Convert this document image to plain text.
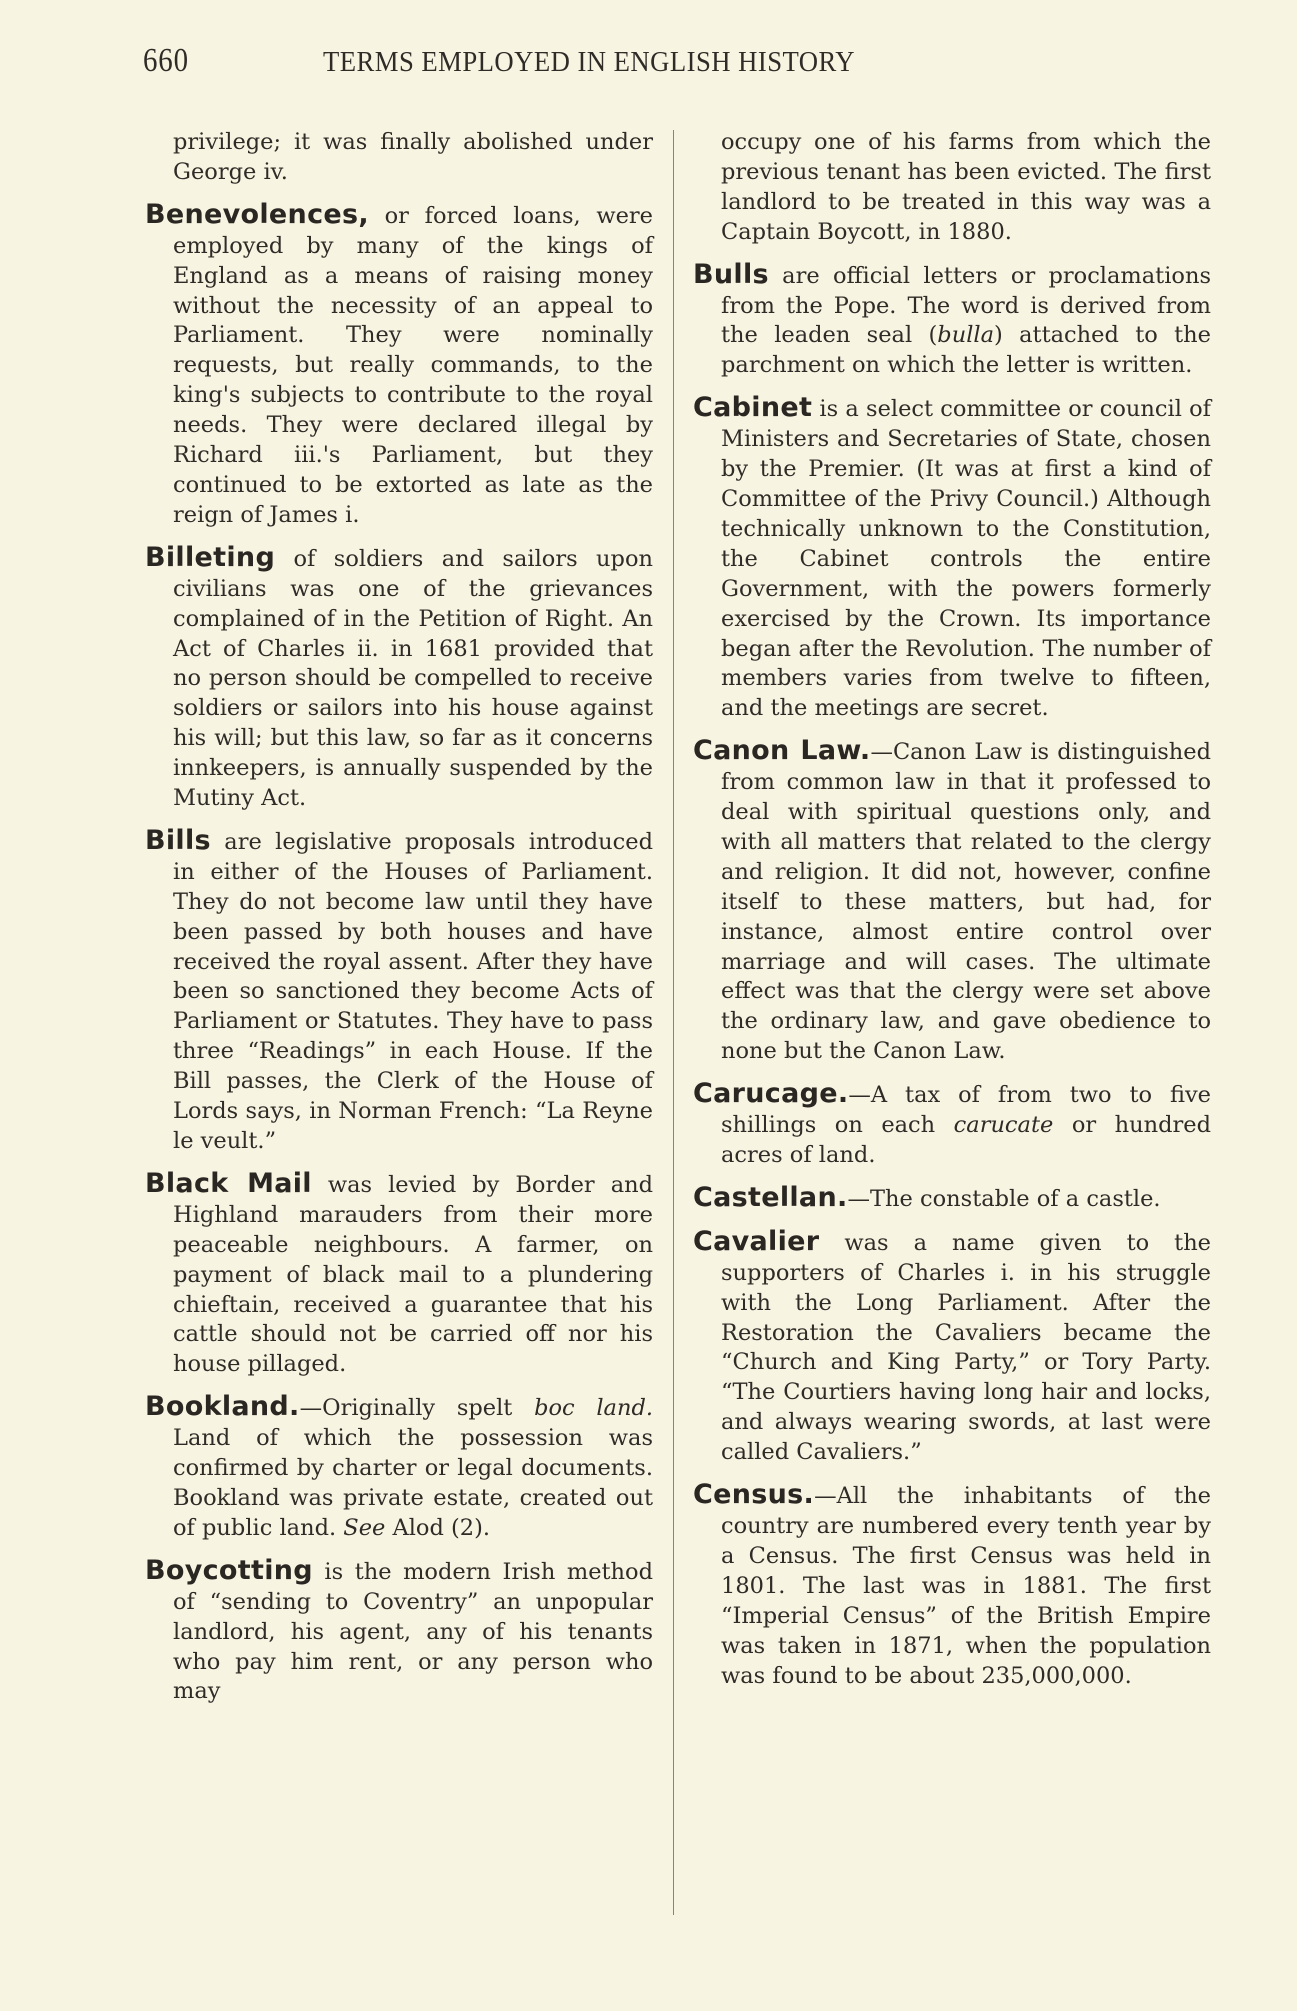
660	TERMS EMPLOYED IN ENGLISH HISTORY

privilege; it was finally abolished under George iv.

Benevolences, or forced loans, were employed by many of the kings of England as a means of raising money without the necessity of an appeal to Parliament. They were nominally requests, but really commands, to the king's subjects to contribute to the royal needs. They were declared illegal by Richard iii.'s Parliament, but they continued to be extorted as late as the reign of James i.

Billeting of soldiers and sailors upon civilians was one of the grievances complained of in the Petition of Right. An Act of Charles ii. in 1681 provided that no person should be compelled to receive soldiers or sailors into his house against his will; but this law, so far as it concerns innkeepers, is annually suspended by the Mutiny Act.

Bills are legislative proposals introduced in either of the Houses of Parliament. They do not become law until they have been passed by both houses and have received the royal assent. After they have been so sanctioned they become Acts of Parliament or Statutes. They have to pass three “Readings” in each House. If the Bill passes, the Clerk of the House of Lords says, in Norman French: “La Reyne le veult.”

Black Mail was levied by Border and Highland marauders from their more peaceable neighbours. A farmer, on payment of black mail to a plundering chieftain, received a guarantee that his cattle should not be carried off nor his house pillaged.

Bookland.—Originally spelt boc land. Land of which the possession was confirmed by charter or legal documents. Bookland was private estate, created out of public land. See Alod (2).

Boycotting is the modern Irish method of “sending to Coventry” an unpopular landlord, his agent, any of his tenants who pay him rent, or any person who may

occupy one of his farms from which the previous tenant has been evicted. The first landlord to be treated in this way was a Captain Boycott, in 1880.

Bulls are official letters or proclamations from the Pope. The word is derived from the leaden seal (bulla) attached to the parchment on which the letter is written.

Cabinet is a select committee or council of Ministers and Secretaries of State, chosen by the Premier. (It was at first a kind of Committee of the Privy Council.) Although technically unknown to the Constitution, the Cabinet controls the entire Government, with the powers formerly exercised by the Crown. Its importance began after the Revolution. The number of members varies from twelve to fifteen, and the meetings are secret.

Canon Law.—Canon Law is distinguished from common law in that it professed to deal with spiritual questions only, and with all matters that related to the clergy and religion. It did not, however, confine itself to these matters, but had, for instance, almost entire control over marriage and will cases. The ultimate effect was that the clergy were set above the ordinary law, and gave obedience to none but the Canon Law.

Carucage.—A tax of from two to five shillings on each carucate or hundred acres of land.

Castellan.—The constable of a castle.

Cavalier was a name given to the supporters of Charles i. in his struggle with the Long Parliament. After the Restoration the Cavaliers became the “Church and King Party,” or Tory Party. “The Courtiers having long hair and locks, and always wearing swords, at last were called Cavaliers.”

Census.—All the inhabitants of the country are numbered every tenth year by a Census. The first Census was held in 1801. The last was in 1881. The first “Imperial Census” of the British Empire was taken in 1871, when the population was found to be about 235,000,000.
